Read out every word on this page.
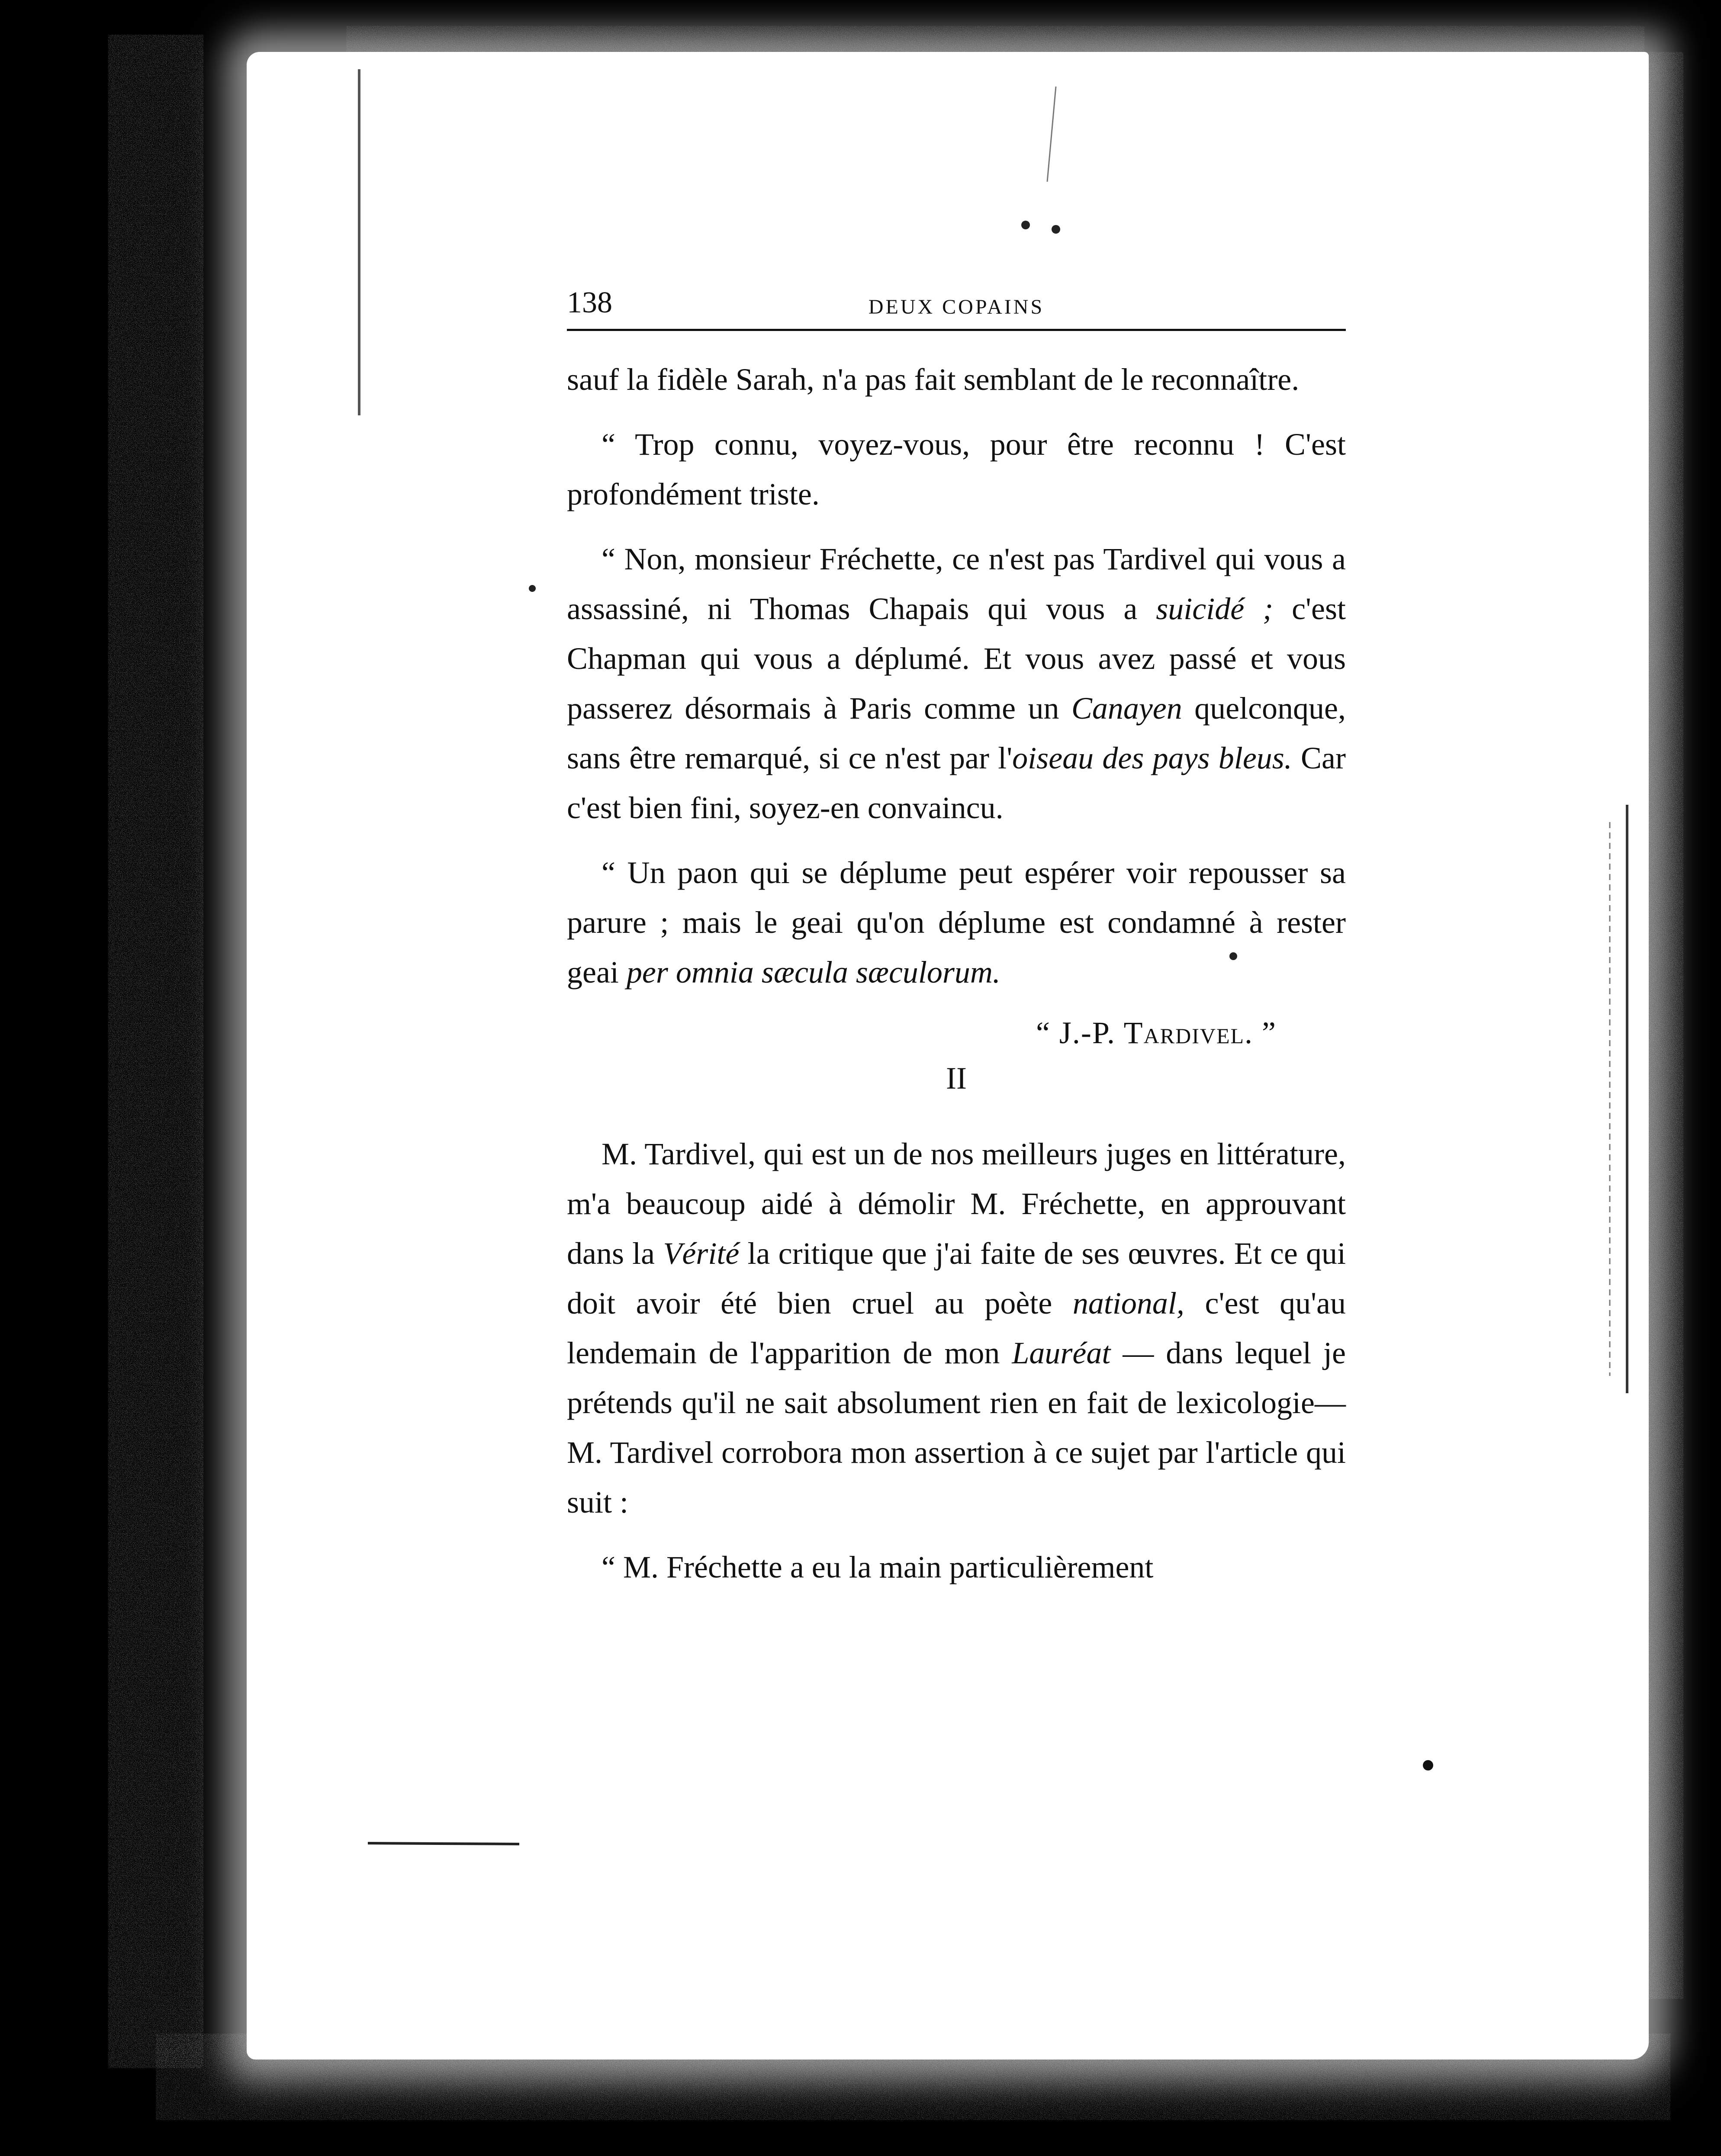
138	DEUX COPAINS

sauf la fidèle Sarah, n'a pas fait semblant de le reconnaître.

“ Trop connu, voyez-vous, pour être reconnu ! C'est profondément triste.

“ Non, monsieur Fréchette, ce n'est pas Tardivel qui vous a assassiné, ni Thomas Chapais qui vous a suicidé ; c'est Chapman qui vous a déplumé. Et vous avez passé et vous passerez désormais à Paris comme un Canayen quelconque, sans être remarqué, si ce n'est par l'oiseau des pays bleus. Car c'est bien fini, soyez-en convaincu.

“ Un paon qui se déplume peut espérer voir repousser sa parure ; mais le geai qu'on déplume est condamné à rester geai per omnia sæcula sæculorum.

“ J.-P. Tardivel. ”

II

M. Tardivel, qui est un de nos meilleurs juges en littérature, m'a beaucoup aidé à démolir M. Fréchette, en approuvant dans la Vérité la critique que j'ai faite de ses œuvres. Et ce qui doit avoir été bien cruel au poète national, c'est qu'au lendemain de l'apparition de mon Lauréat — dans lequel je prétends qu'il ne sait absolument rien en fait de lexicologie—M. Tardivel corrobora mon assertion à ce sujet par l'article qui suit :

“ M. Fréchette a eu la main particulièrement
